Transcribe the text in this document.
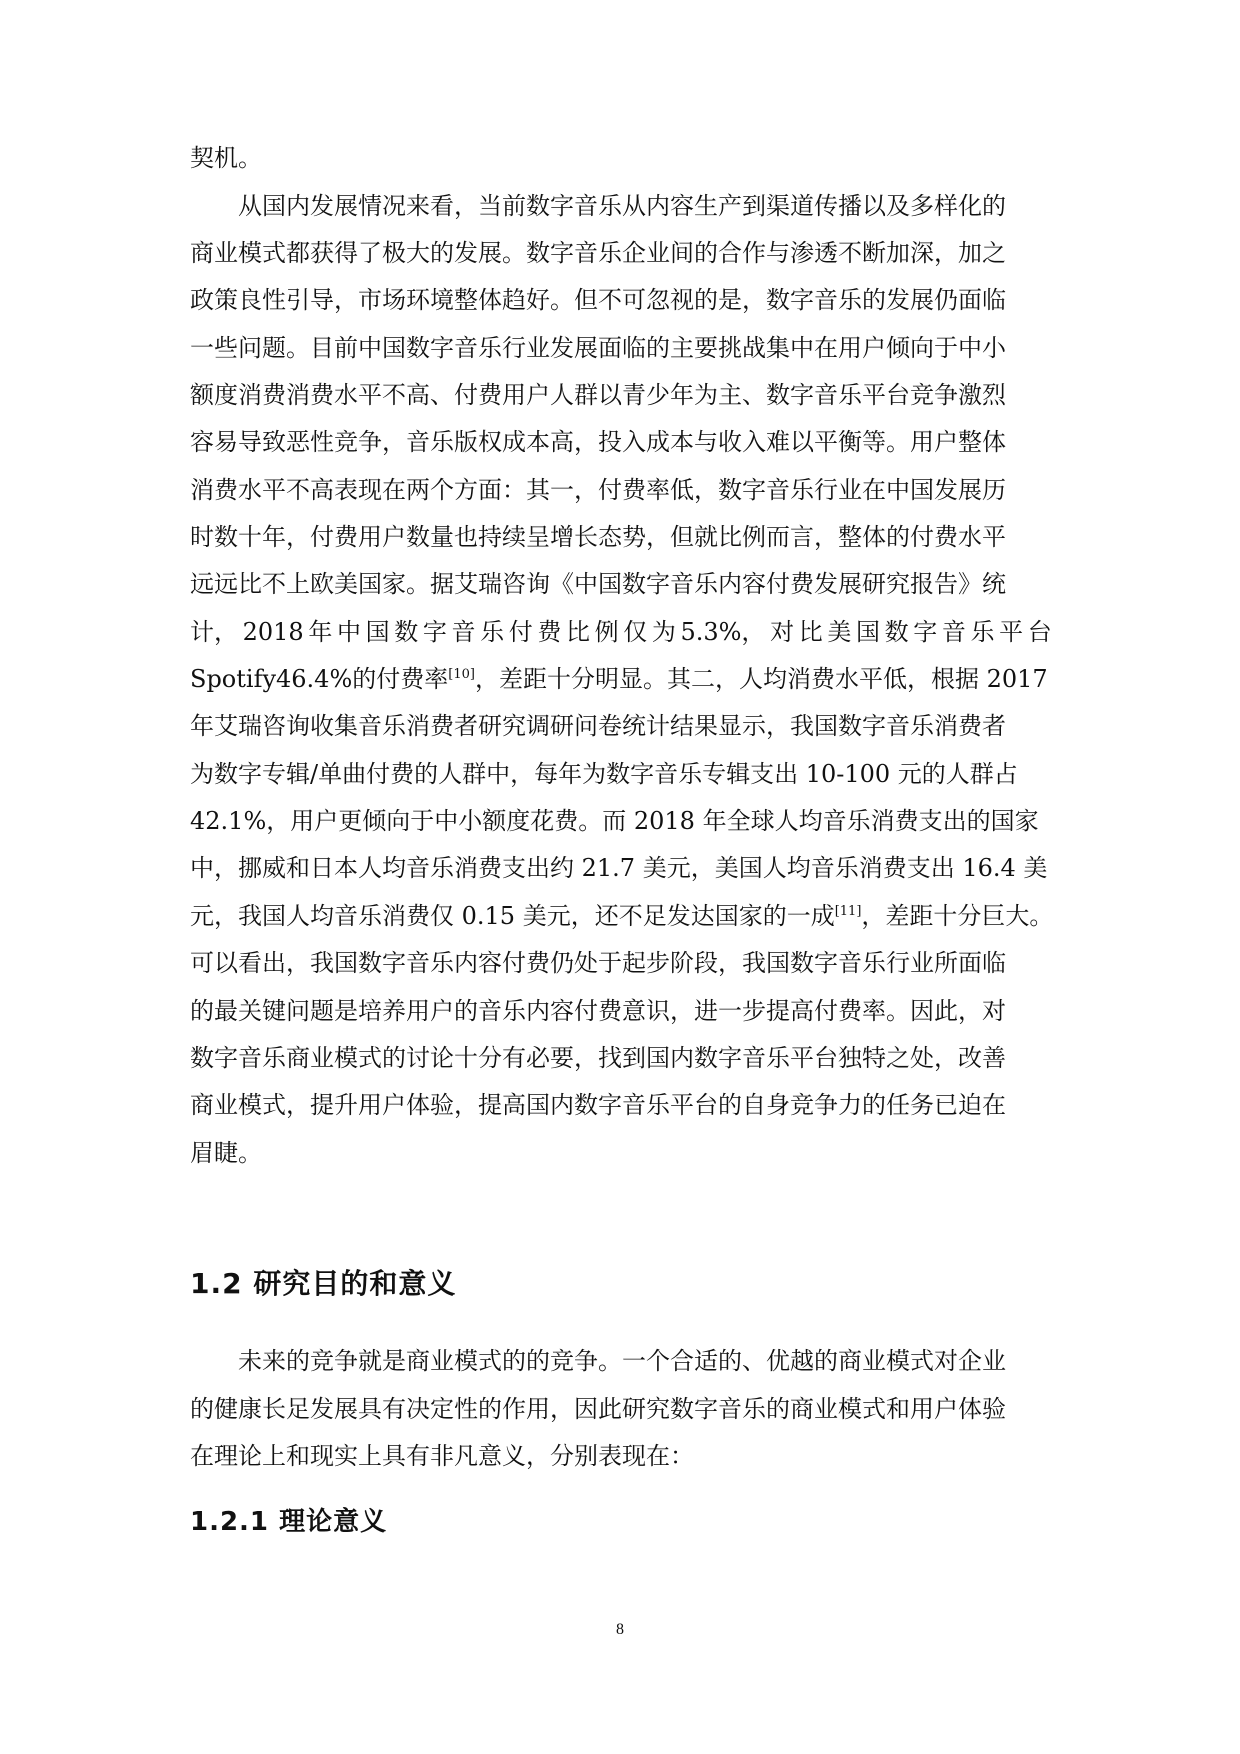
契机。
从国内发展情况来看，当前数字音乐从内容生产到渠道传播以及多样化的
商业模式都获得了极大的发展。数字音乐企业间的合作与渗透不断加深，加之
政策良性引导，市场环境整体趋好。但不可忽视的是，数字音乐的发展仍面临
一些问题。目前中国数字音乐行业发展面临的主要挑战集中在用户倾向于中小
额度消费消费水平不高、付费用户人群以青少年为主、数字音乐平台竞争激烈
容易导致恶性竞争，音乐版权成本高，投入成本与收入难以平衡等。用户整体
消费水平不高表现在两个方面：其一，付费率低，数字音乐行业在中国发展历
时数十年，付费用户数量也持续呈增长态势，但就比例而言，整体的付费水平
远远比不上欧美国家。据艾瑞咨询《中国数字音乐内容付费发展研究报告》统
计， 2018 年 中 国 数 字 音 乐 付 费 比 例 仅 为 5.3%， 对 比 美 国 数 字 音 乐 平 台
Spotify46.4%的付费率[10]，差距十分明显。其二，人均消费水平低，根据 2017
年艾瑞咨询收集音乐消费者研究调研问卷统计结果显示，我国数字音乐消费者
为数字专辑/单曲付费的人群中，每年为数字音乐专辑支出 10-100 元的人群占
42.1%，用户更倾向于中小额度花费。而 2018 年全球人均音乐消费支出的国家
中，挪威和日本人均音乐消费支出约 21.7 美元，美国人均音乐消费支出 16.4 美
元，我国人均音乐消费仅 0.15 美元，还不足发达国家的一成[11]，差距十分巨大。
可以看出，我国数字音乐内容付费仍处于起步阶段，我国数字音乐行业所面临
的最关键问题是培养用户的音乐内容付费意识，进一步提高付费率。因此，对
数字音乐商业模式的讨论十分有必要，找到国内数字音乐平台独特之处，改善
商业模式，提升用户体验，提高国内数字音乐平台的自身竞争力的任务已迫在
眉睫。
1.2 研究目的和意义
未来的竞争就是商业模式的的竞争。一个合适的、优越的商业模式对企业
的健康长足发展具有决定性的作用，因此研究数字音乐的商业模式和用户体验
在理论上和现实上具有非凡意义，分别表现在：
1.2.1 理论意义
8
